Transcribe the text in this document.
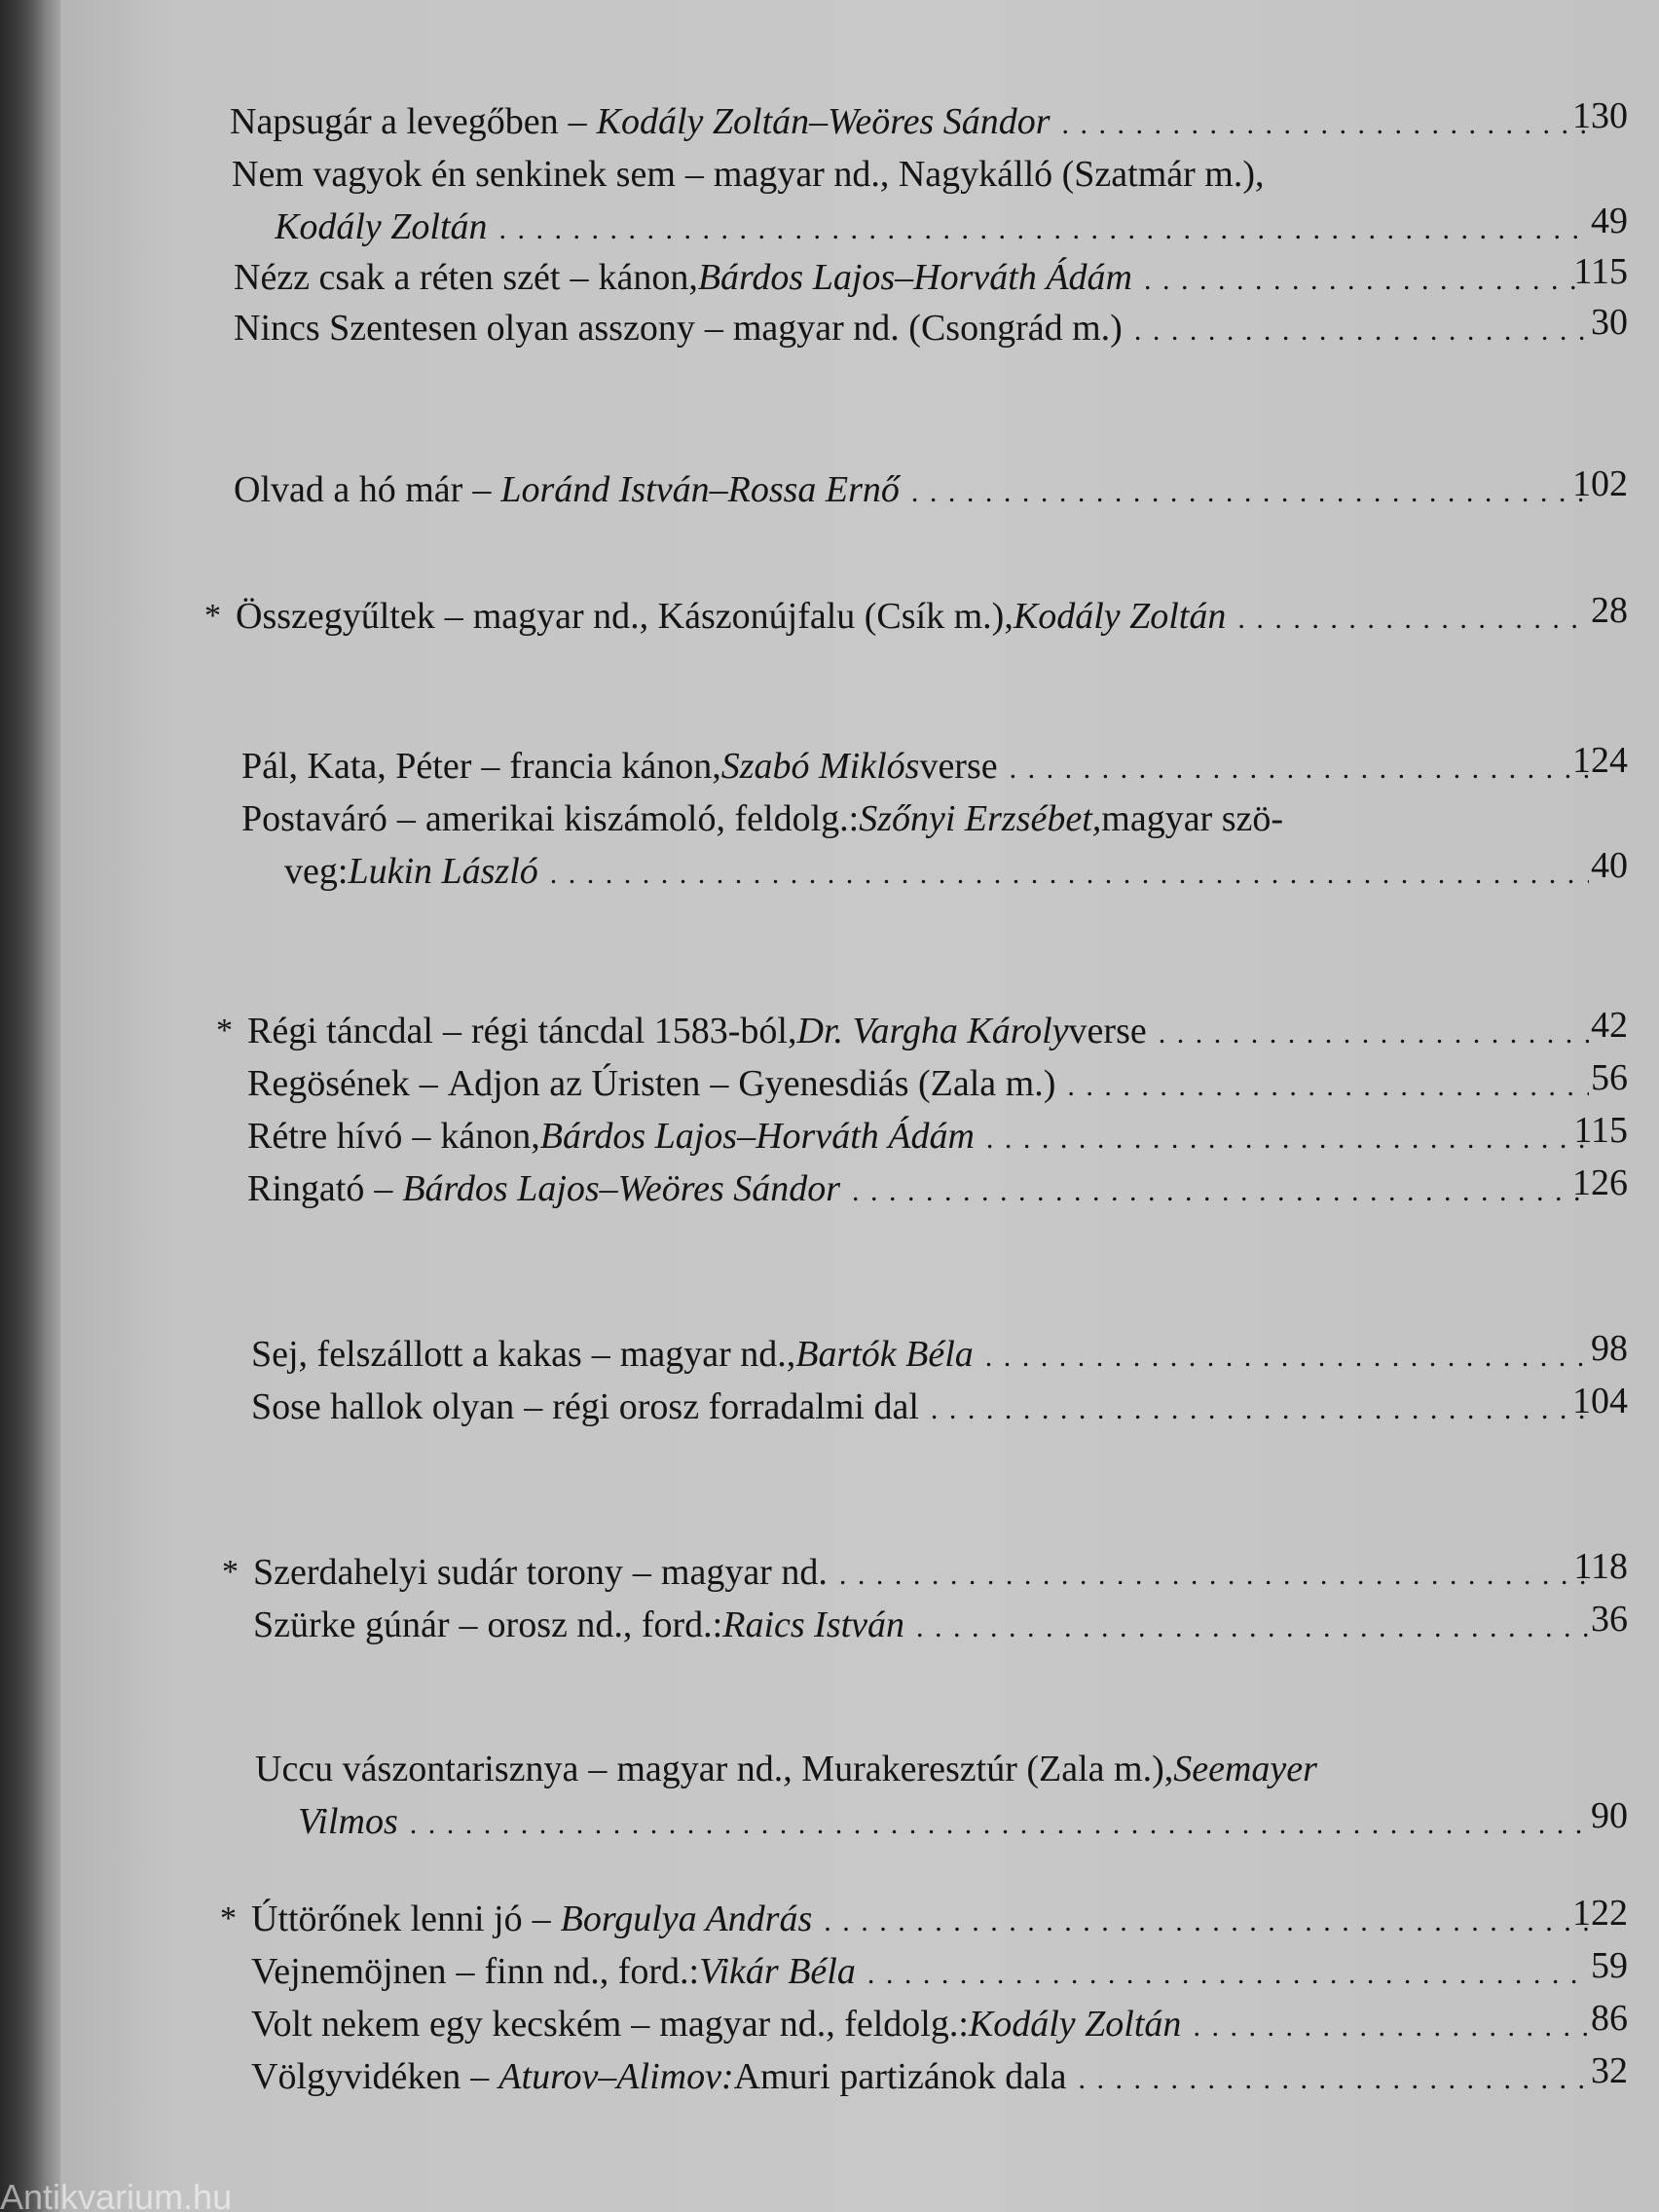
Napsugár a levegőben – Kodály Zoltán–Weöres Sándor . . .	130
Nem vagyok én senkinek sem – magyar nd., Nagykálló (Szatmár m.),
Kodály Zoltán . . .	49
Nézz csak a réten szét – kánon, Bárdos Lajos–Horváth Ádám . . .	115
Nincs Szentesen olyan asszony – magyar nd. (Csongrád m.) . . .	30
Olvad a hó már – Loránd István–Rossa Ernő . . .	102
* Összegyűltek – magyar nd., Kászonújfalu (Csík m.), Kodály Zoltán . . .	28
Pál, Kata, Péter – francia kánon, Szabó Miklós verse . . .	124
Postaváró – amerikai kiszámoló, feldolg.: Szőnyi Erzsébet, magyar szö-
veg: Lukin László . . .	40
* Régi táncdal – régi táncdal 1583-ból, Dr. Vargha Károly verse . . .	42
Regösének – Adjon az Úristen – Gyenesdiás (Zala m.) . . .	56
Rétre hívó – kánon, Bárdos Lajos–Horváth Ádám . . .	115
Ringató – Bárdos Lajos–Weöres Sándor . . .	126
Sej, felszállott a kakas – magyar nd., Bartók Béla . . .	98
Sose hallok olyan – régi orosz forradalmi dal . . .	104
* Szerdahelyi sudár torony – magyar nd. . . .	118
Szürke gúnár – orosz nd., ford.: Raics István . . .	36
Uccu vászontarisznya – magyar nd., Murakeresztúr (Zala m.), Seemayer
Vilmos . . .	90
* Úttörőnek lenni jó – Borgulya András . . .	122
Vejnemöjnen – finn nd., ford.: Vikár Béla . . .	59
Volt nekem egy kecském – magyar nd., feldolg.: Kodály Zoltán . . .	86
Völgyvidéken – Aturov–Alimov: Amuri partizánok dala . . .	32
Antikvarium.hu
